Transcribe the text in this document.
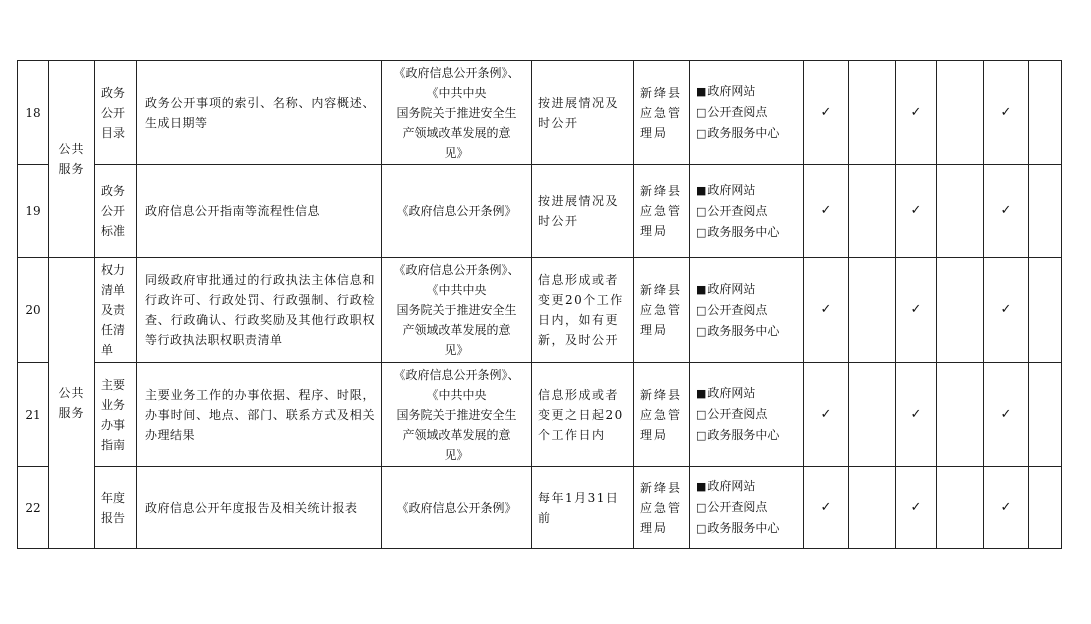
18	公共
服务	政务
公开
目录	政务公开事项的索引、名称、内容概述、生成日期等	《政府信息公开条例》、
《中共中央
国务院关于推进安全生
产领域改革发展的意
见》	按进展情况及时公开	新绛县
应急管
理局	■政府网站
□公开查阅点
□政务服务中心	✓		✓		✓	
19		政务
公开
标准	政府信息公开指南等流程性信息	《政府信息公开条例》	按进展情况及时公开	新绛县
应急管
理局	■政府网站
□公开查阅点
□政务服务中心	✓		✓		✓	
20	公共
服务	权力
清单
及责
任清
单	同级政府审批通过的行政执法主体信息和行政许可、行政处罚、行政强制、行政检查、行政确认、行政奖励及其他行政职权等行政执法职权职责清单	《政府信息公开条例》、
《中共中央
国务院关于推进安全生
产领域改革发展的意
见》	信息形成或者变更20个工作日内，如有更新，及时公开	新绛县
应急管
理局	■政府网站
□公开查阅点
□政务服务中心	✓		✓		✓	
21		主要
业务
办事
指南	主要业务工作的办事依据、程序、时限，办事时间、地点、部门、联系方式及相关办理结果	《政府信息公开条例》、
《中共中央
国务院关于推进安全生
产领域改革发展的意
见》	信息形成或者变更之日起20个工作日内	新绛县
应急管
理局	■政府网站
□公开查阅点
□政务服务中心	✓		✓		✓	
22		年度
报告	政府信息公开年度报告及相关统计报表	《政府信息公开条例》	每年1月31日前	新绛县
应急管
理局	■政府网站
□公开查阅点
□政务服务中心	✓		✓		✓	
